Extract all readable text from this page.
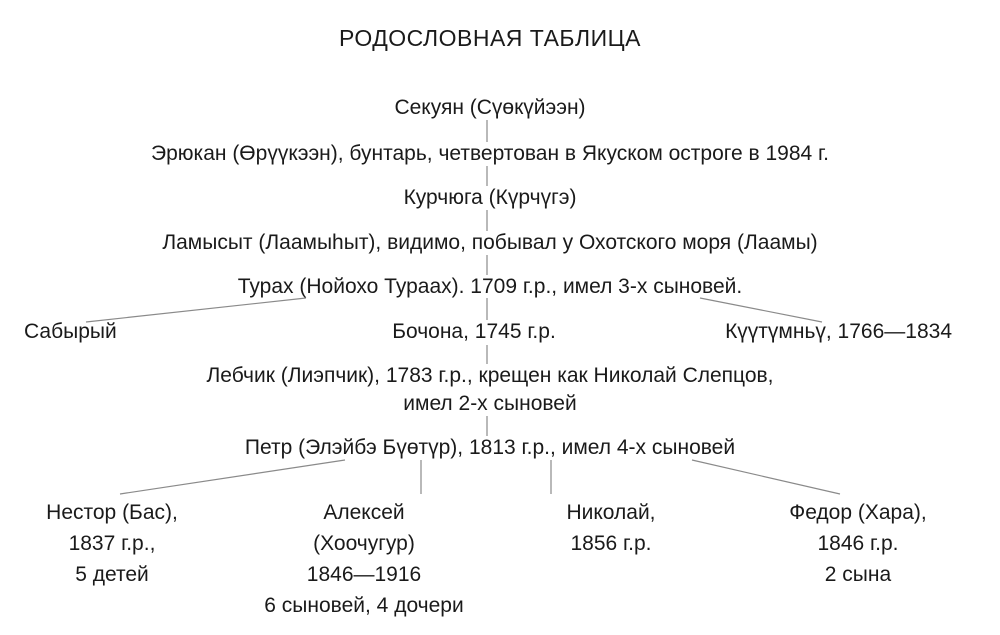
РОДОСЛОВНАЯ ТАБЛИЦА
Секуян (Сүөкүйээн)
Эрюкан (Өрүүкээн), бунтарь, четвертован в Якуском остроге в 1984 г.
Курчюга (Күрчүгэ)
Ламысыт (Лаамыhыт), видимо, побывал у Охотского моря (Лаамы)
Турах (Нойохо Тураах). 1709 г.р., имел 3-х сыновей.
Сабырый	Бочона, 1745 г.р.	Күүтүмньү, 1766—1834
Лебчик (Лиэпчик), 1783 г.р., крещен как Николай Слепцов,
имел 2-х сыновей
Петр (Элэйбэ Бүөтүр), 1813 г.р., имел 4-х сыновей
Нестор (Бас),
1837 г.р.,
5 детей
Алексей
(Хоочугур)
1846—1916
6 сыновей, 4 дочери
Николай,
1856 г.р.
Федор (Хара),
1846 г.р.
2 сына
